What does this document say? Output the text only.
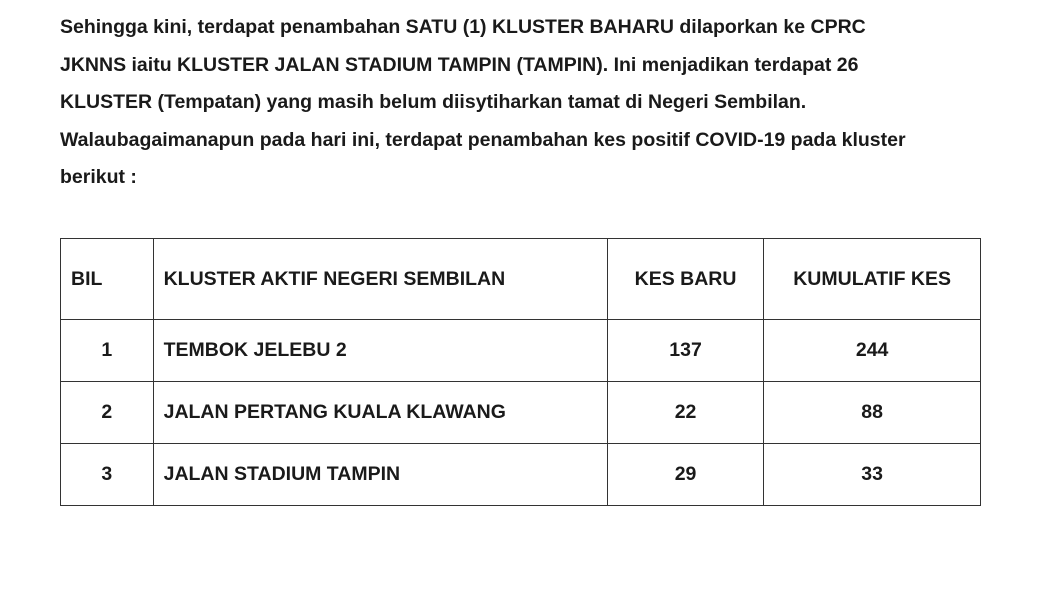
Sehingga kini, terdapat penambahan SATU (1) KLUSTER BAHARU dilaporkan ke CPRC
JKNNS iaitu KLUSTER JALAN STADIUM TAMPIN (TAMPIN). Ini menjadikan terdapat 26
KLUSTER (Tempatan) yang masih belum diisytiharkan tamat di Negeri Sembilan.
Walaubagaimanapun pada hari ini, terdapat penambahan kes positif COVID-19 pada kluster
berikut :

BIL	KLUSTER AKTIF NEGERI SEMBILAN	KES BARU	KUMULATIF KES
1	TEMBOK JELEBU 2	137	244
2	JALAN PERTANG KUALA KLAWANG	22	88
3	JALAN STADIUM TAMPIN	29	33
